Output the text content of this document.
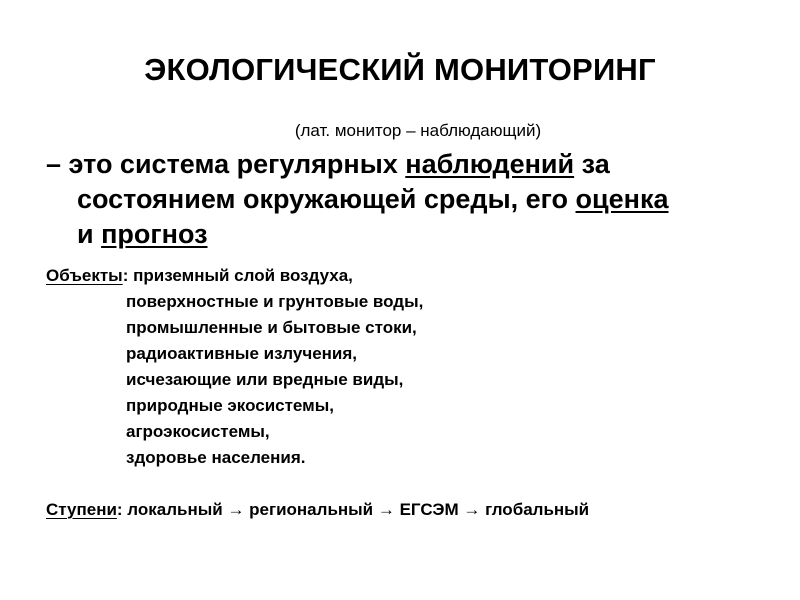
ЭКОЛОГИЧЕСКИЙ МОНИТОРИНГ
(лат. монитор – наблюдающий)
– это система регулярных наблюдений за
состоянием окружающей среды, его оценка
и прогноз
Объекты: приземный слой воздуха,
поверхностные и грунтовые воды,
промышленные и бытовые стоки,
радиоактивные излучения,
исчезающие или вредные виды,
природные экосистемы,
агроэкосистемы,
здоровье населения.
Ступени: локальный → региональный → ЕГСЭМ → глобальный
